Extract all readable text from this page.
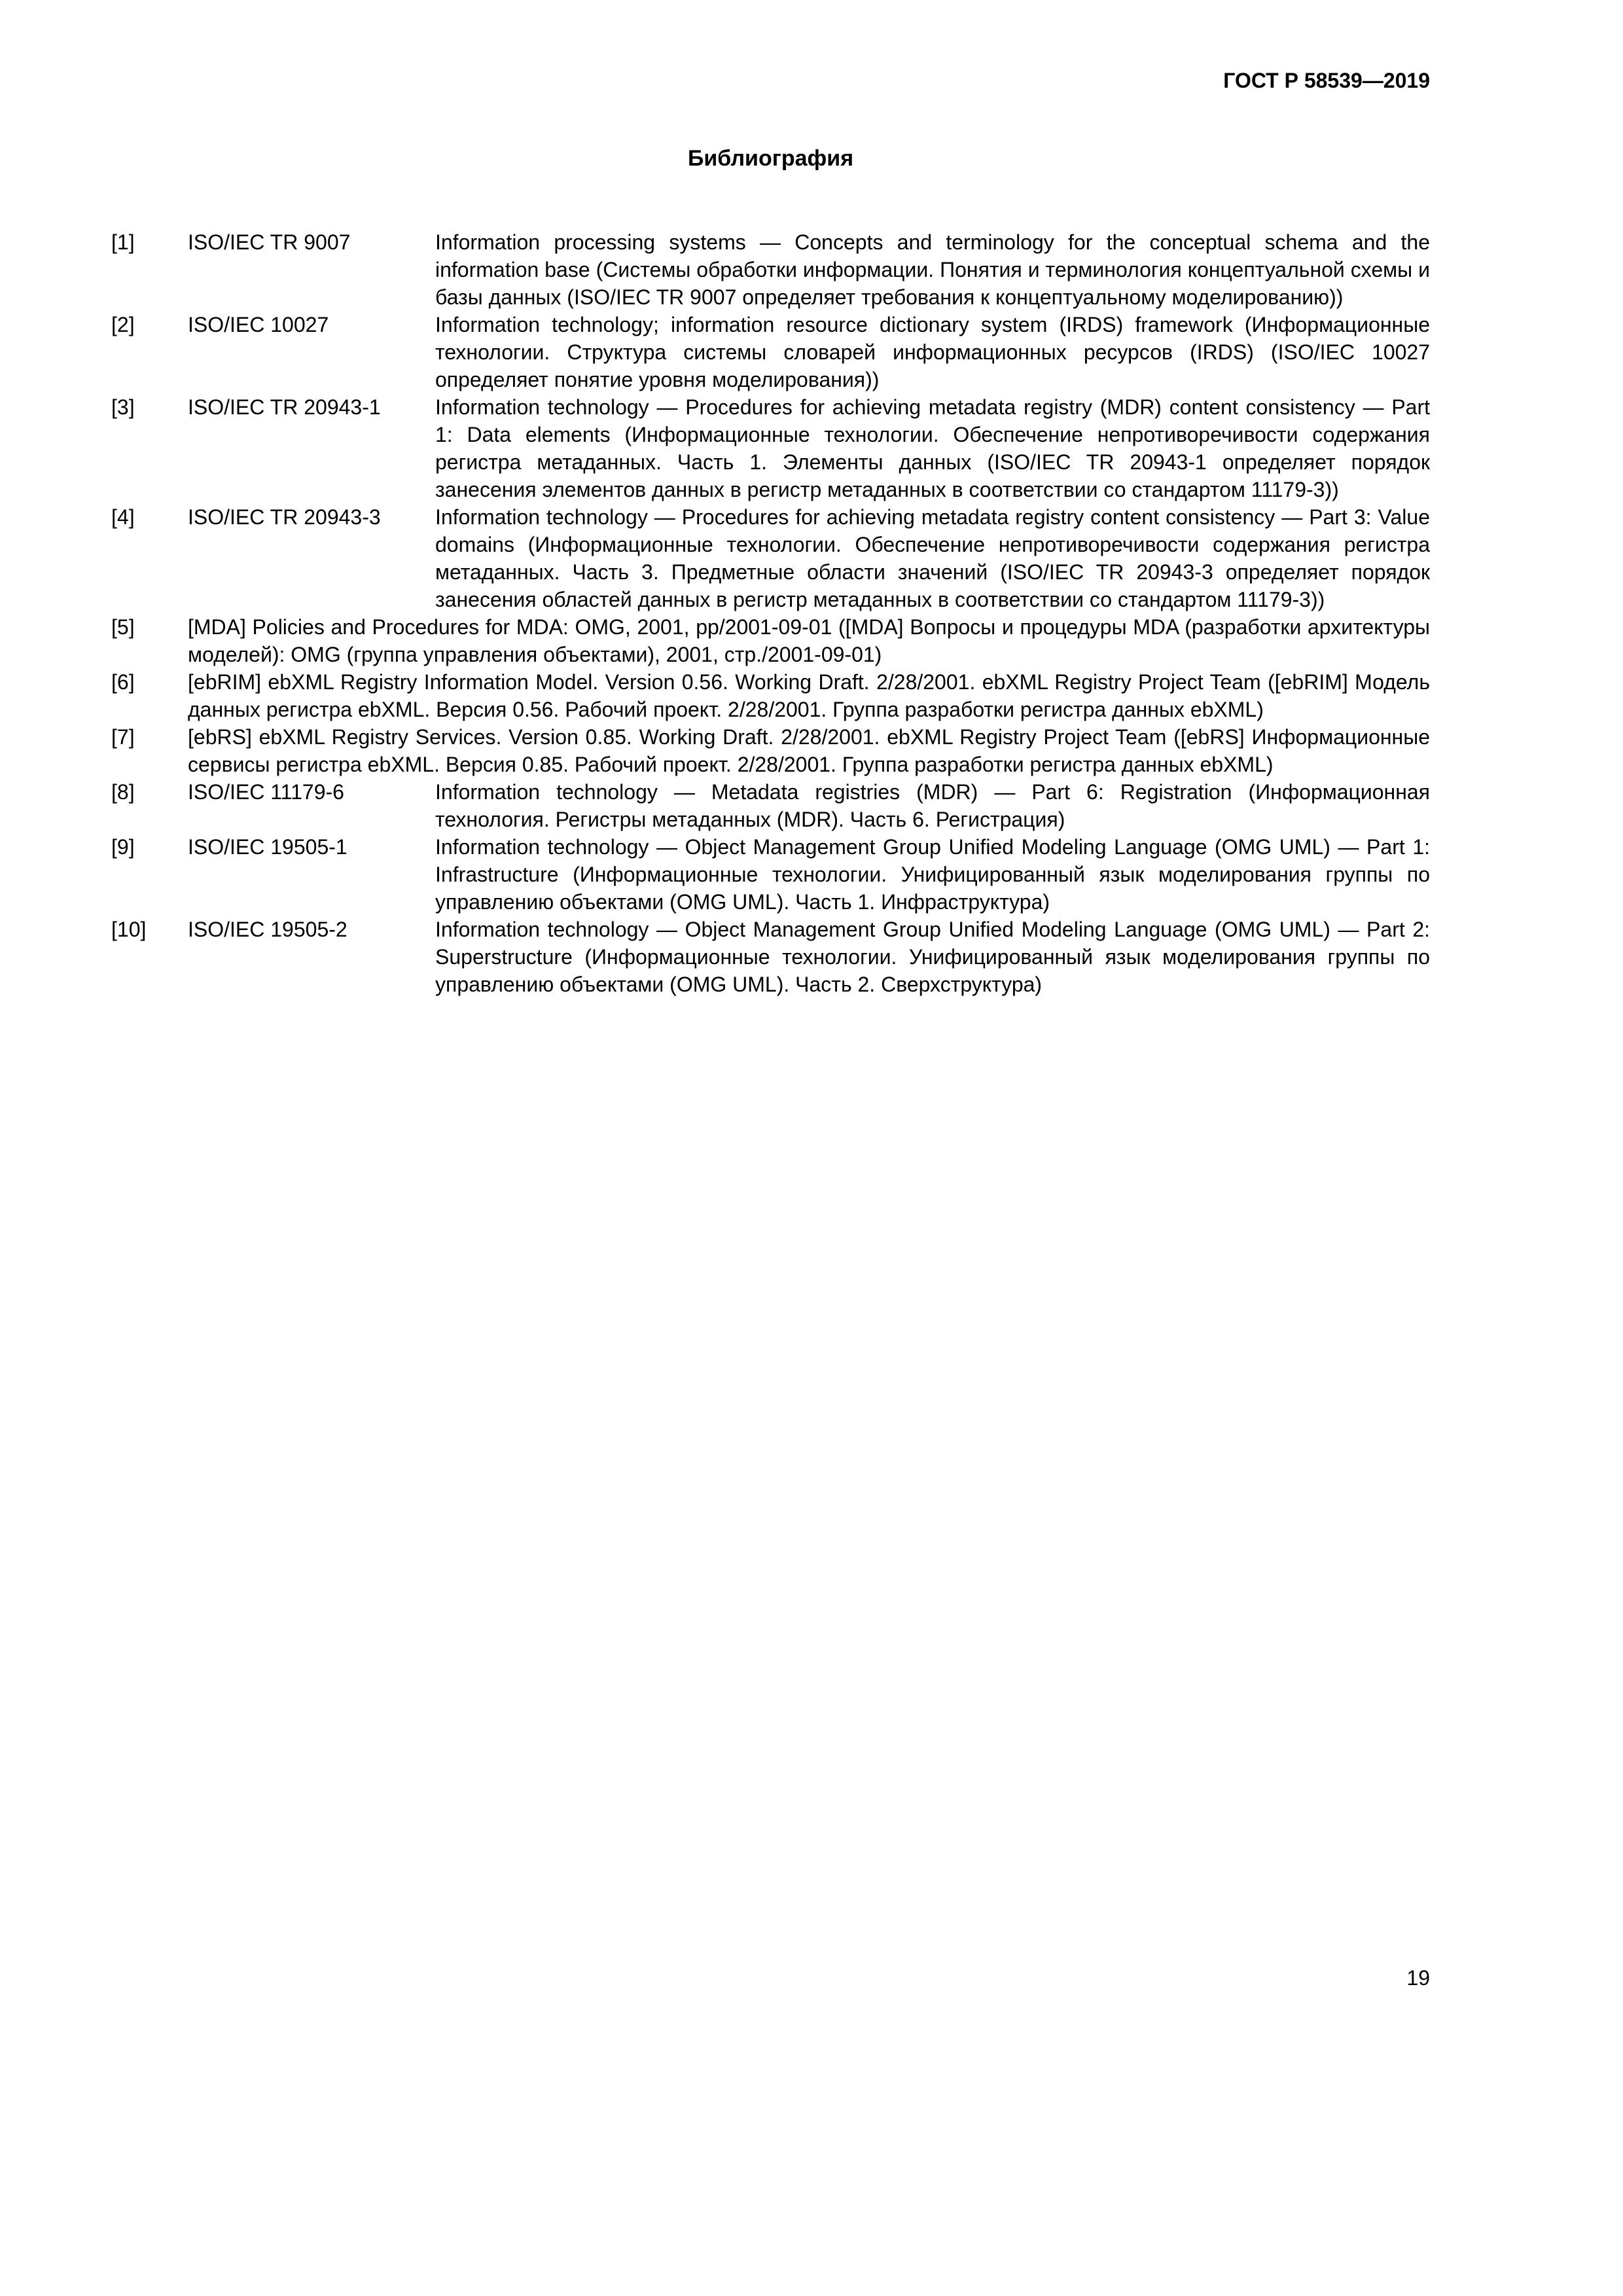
ГОСТ Р 58539—2019
Библиография
[1]	ISO/IEC TR 9007	Information processing systems — Concepts and terminology for the conceptual schema and the information base (Системы обработки информации. Понятия и терминология концептуальной схемы и базы данных (ISO/IEC TR 9007 определяет требования к концептуальному моделированию))
[2]	ISO/IEC 10027	Information technology; information resource dictionary system (IRDS) framework (Информационные технологии. Структура системы словарей информационных ресурсов (IRDS) (ISO/IEC 10027 определяет понятие уровня моделирования))
[3]	ISO/IEC TR 20943-1	Information technology — Procedures for achieving metadata registry (MDR) content consistency — Part 1: Data elements (Информационные технологии. Обеспечение непротиворечивости содержания регистра метаданных. Часть 1. Элементы данных (ISO/IEC TR 20943-1 определяет порядок занесения элементов данных в регистр метаданных в соответствии со стандартом 11179-3))
[4]	ISO/IEC TR 20943-3	Information technology — Procedures for achieving metadata registry content consistency — Part 3: Value domains (Информационные технологии. Обеспечение непротиворечивости содержания регистра метаданных. Часть 3. Предметные области значений (ISO/IEC TR 20943-3 определяет порядок занесения областей данных в регистр метаданных в соответствии со стандартом 11179-3))
[5]	[MDA] Policies and Procedures for MDA: OMG, 2001, pp/2001-09-01 ([MDA] Вопросы и процедуры MDA (разработки архитектуры моделей): OMG (группа управления объектами), 2001, стр./2001-09-01)
[6]	[ebRIM] ebXML Registry Information Model. Version 0.56. Working Draft. 2/28/2001. ebXML Registry Project Team ([ebRIM] Модель данных регистра ebXML. Версия 0.56. Рабочий проект. 2/28/2001. Группа разработки регистра данных ebXML)
[7]	[ebRS] ebXML Registry Services. Version 0.85. Working Draft. 2/28/2001. ebXML Registry Project Team ([ebRS] Информационные сервисы регистра ebXML. Версия 0.85. Рабочий проект. 2/28/2001. Группа разработки регистра данных ebXML)
[8]	ISO/IEC 11179-6	Information technology — Metadata registries (MDR) — Part 6: Registration (Информационная технология. Регистры метаданных (MDR). Часть 6. Регистрация)
[9]	ISO/IEC 19505-1	Information technology — Object Management Group Unified Modeling Language (OMG UML) — Part 1: Infrastructure (Информационные технологии. Унифицированный язык моделирования группы по управлению объектами (OMG UML). Часть 1. Инфраструктура)
[10]	ISO/IEC 19505-2	Information technology — Object Management Group Unified Modeling Language (OMG UML) — Part 2: Superstructure (Информационные технологии. Унифицированный язык моделирования группы по управлению объектами (OMG UML). Часть 2. Сверхструктура)
19
